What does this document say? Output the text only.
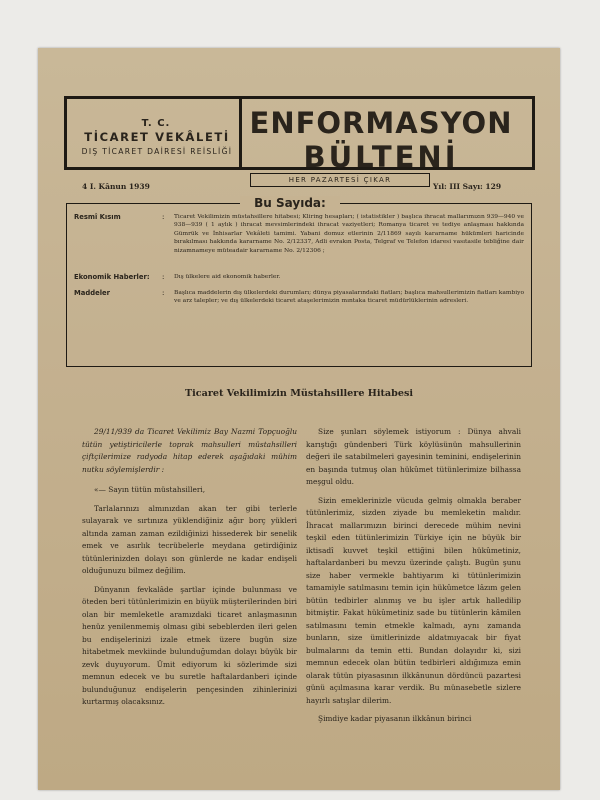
T. C.
TİCARET VEKÂLETİ
DIŞ TİCARET DAİRESİ REİSLİĞİ
ENFORMASYON
BÜLTENİ
HER PAZARTESİ ÇIKAR
4 I. Kânun 1939	Yıl: III Sayı: 129
Bu Sayıda:
Resmî Kısım	: Ticaret Vekilimizin müstahsillere hitabesi; Kliring hesapları; ( istatistikler ) başlıca ihracat mallarımızın 939—940 ve 938—939 ( 1 aylık ) ihracat mevsimlerindeki ihracat vaziyetleri; Romanya ticaret ve tediye anlaşması hakkında Gümrük ve İnhisarlar Vekâleti tamimi. Yabani domuz etlerinin 2/11869 sayılı kararname hükümleri haricinde bırakılması hakkında kararname No. 2/12337, Adli evrakın Posta, Telgraf ve Telefon idaresi vasıtasile tebliğine dair nizamnameye müteadair kararname No. 2/12306 ;
Ekonomik Haberler: : Dış ülkelere aid ekonomik haberler.
Maddeler	: Başlıca maddelerin dış ülkelerdeki durumları; dünya piyasalarındaki fiatları; başlıca mahsullerimizin fiatları kambiyo ve arz talepler; ve dış ülkelerdeki ticaret ataşelerimizin mıntaka ticaret müdürlüklerinin adresleri.
Ticaret Vekilimizin Müstahsillere Hitabesi

29/11/939 da Ticaret Vekilimiz Bay Nazmi Topçuoğlu tütün yetiştiricilerle toprak mahsulleri müstahsilleri çiftçilerimize radyoda hitap ederek aşağıdaki mühim nutku söylemişlerdir :

«— Sayın tütün müstahsilleri,

Tarlalarınızı almınızdan akan ter gibi terlerle sulayarak ve sırtınıza yüklendiğiniz ağır borç yükleri altında zaman zaman ezildiğinizi hissederek bir senelik emek ve asırlık tecrübelerle meydana getirdiğiniz tütünlerinizden dolayı son günlerde ne kadar endişeli olduğunuzu bilmez değilim.

Dünyanın fevkalâde şartlar içinde bulunması ve öteden beri tütünlerimizin en büyük müşterilerinden biri olan bir memleketle aramızdaki ticaret anlaşmasının henüz yenilenmemiş olması gibi sebeblerden ileri gelen bu endişelerinizi izale etmek üzere bugün size hitabetmek mevkiinde bulunduğumdan dolayı büyük bir zevk duyuyorum. Ümit ediyorum ki sözlerimde sizi memnun edecek ve bu suretle haftalardanberi içinde bulunduğunuz endişelerin pençesinden zihinlerinizi kurtarmış olacaksınız.

Size şunları söylemek istiyorum : Dünya ahvali karıştığı gündenberi Türk köylüsünün mahsullerinin değeri ile satabilmeleri gayesinin teminini, endişelerinin en başında tutmuş olan hükûmet tütünlerimize bilhassa meşgul oldu.

Sizin emeklerinizle vücuda gelmiş olmakla beraber tütünlerimiz, sizden ziyade bu memleketin malıdır. İhracat mallarımızın birinci derecede mühim nevini teşkil eden tütünlerimizin Türkiye için ne büyük bir iktisadî kuvvet teşkil ettiğini bilen hükûmetiniz, haftalardanberi bu mevzu üzerinde çalıştı. Bugün şunu size haber vermekle bahtiyarım ki tütünlerimizin tamamiyle satılmasını temin için hükûmetce lâzım gelen bütün tedbirler alınmış ve bu işler artık halledilip bitmiştir. Fakat hükûmetiniz sade bu tütünlerin kâmilen satılmasını temin etmekle kalmadı, aynı zamanda bunların, size ümitlerinizde aldatmıyacak bir fiyat bulmalarını da temin etti. Bundan dolayıdır ki, sizi memnun edecek olan bütün tedbirleri aldığımıza emin olarak tütün piyasasının ilkkânunun dördüncü pazartesi günü açılmasına karar verdik. Bu münasebetle sizlere hayırlı satışlar dilerim.

Şimdiye kadar piyasanın ilkkânun birinci
